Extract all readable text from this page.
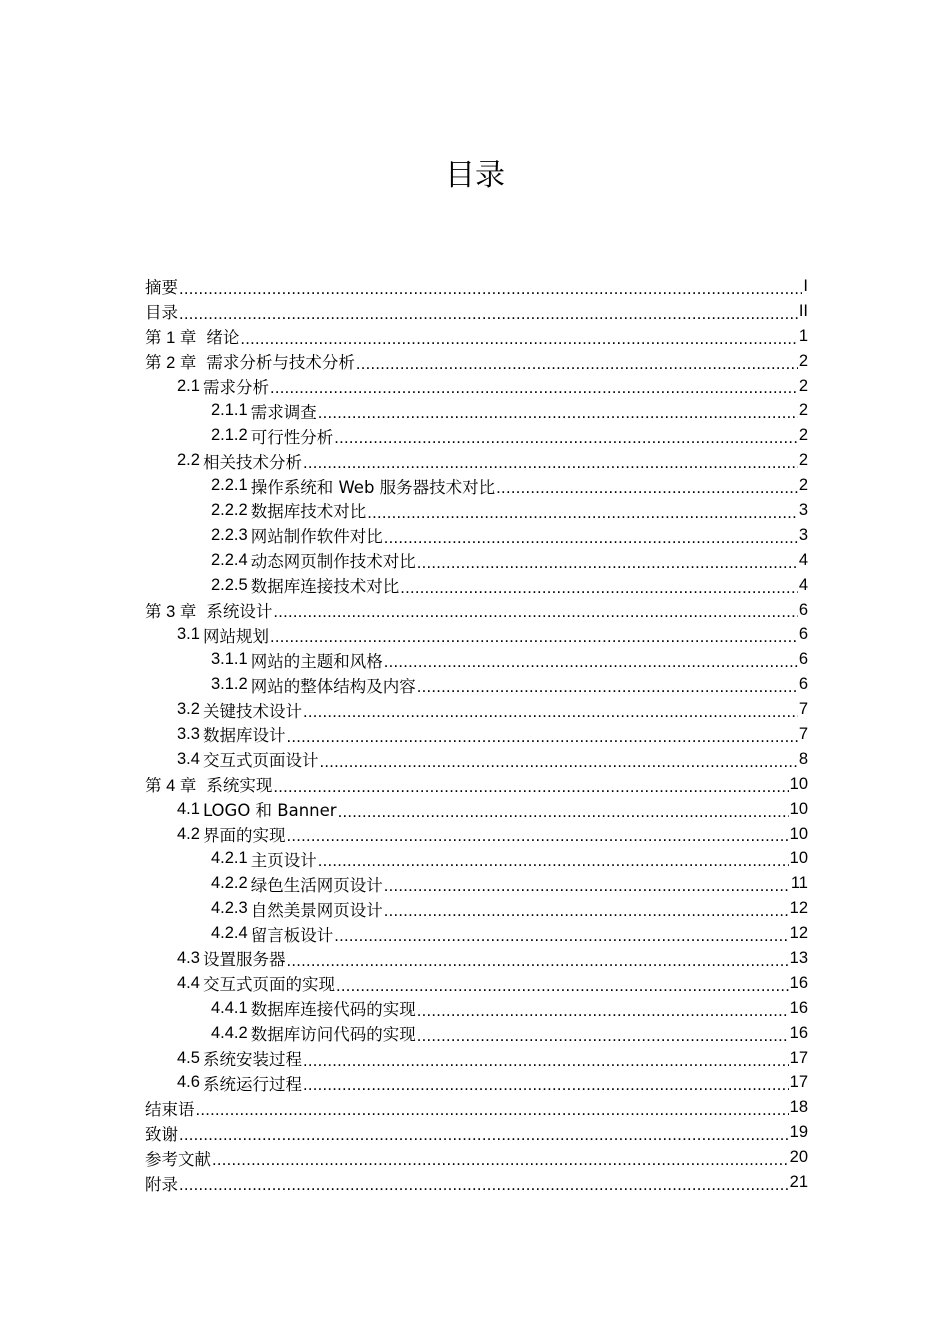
目录
摘要 .....	I
目录 .....	II
第 1 章 绪论 .....	1
第 2 章 需求分析与技术分析 .....	2
2.1 需求分析 .....	2
2.1.1 需求调查 .....	2
2.1.2 可行性分析 .....	2
2.2 相关技术分析 .....	2
2.2.1 操作系统和 Web 服务器技术对比 .....	2
2.2.2 数据库技术对比 .....	3
2.2.3 网站制作软件对比 .....	3
2.2.4 动态网页制作技术对比 .....	4
2.2.5 数据库连接技术对比 .....	4
第 3 章 系统设计 .....	6
3.1 网站规划 .....	6
3.1.1 网站的主题和风格 .....	6
3.1.2 网站的整体结构及内容 .....	6
3.2 关键技术设计 .....	7
3.3 数据库设计 .....	7
3.4 交互式页面设计 .....	8
第 4 章 系统实现 .....	10
4.1 LOGO 和 Banner .....	10
4.2 界面的实现 .....	10
4.2.1 主页设计 .....	10
4.2.2 绿色生活网页设计 .....	11
4.2.3 自然美景网页设计 .....	12
4.2.4 留言板设计 .....	12
4.3 设置服务器 .....	13
4.4 交互式页面的实现 .....	16
4.4.1 数据库连接代码的实现 .....	16
4.4.2 数据库访问代码的实现 .....	16
4.5 系统安装过程 .....	17
4.6 系统运行过程 .....	17
结束语 .....	18
致谢 .....	19
参考文献 .....	20
附录 .....	21
